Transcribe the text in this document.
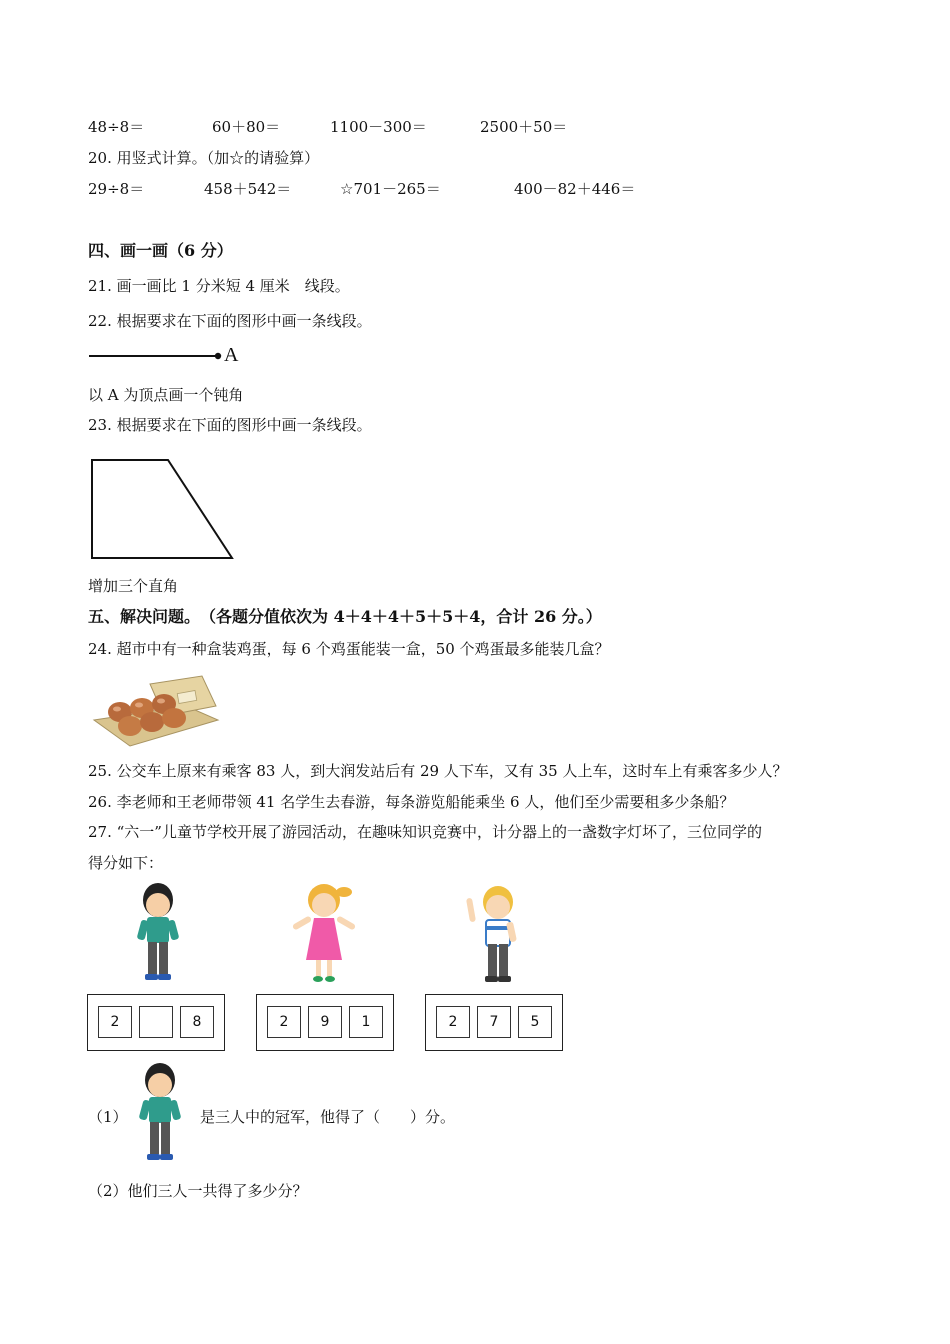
48÷8＝	60＋80＝	1100－300＝	2500＋50＝
20. 用竖式计算。（加☆的请验算）
29÷8＝	458＋542＝	☆701－265＝	400－82＋446＝
四、画一画（6 分）
21. 画一画比 1 分米短 4 厘米　线段。
22. 根据要求在下面的图形中画一条线段。
A
以 A 为顶点画一个钝角
23. 根据要求在下面的图形中画一条线段。
增加三个直角
五、解决问题。　（各题分值依次为 4＋4＋4＋5＋5＋4，合计 26 分。）
24. 超市中有一种盒装鸡蛋，每 6 个鸡蛋能装一盒，50 个鸡蛋最多能装几盒？
25. 公交车上原来有乘客 83 人，到大润发站后有 29 人下车，又有 35 人上车，这时车上有乘客多少人？
26. 李老师和王老师带领 41 名学生去春游，每条游览船能乘坐 6 人，他们至少需要租多少条船？
27. “六一”儿童节学校开展了游园活动，在趣味知识竞赛中，计分器上的一盏数字灯坏了，三位同学的
得分如下：
2	8	2	9	1	2	7	5
（1）	是三人中的冠军，他得了（　　）分。
（2）他们三人一共得了多少分？
